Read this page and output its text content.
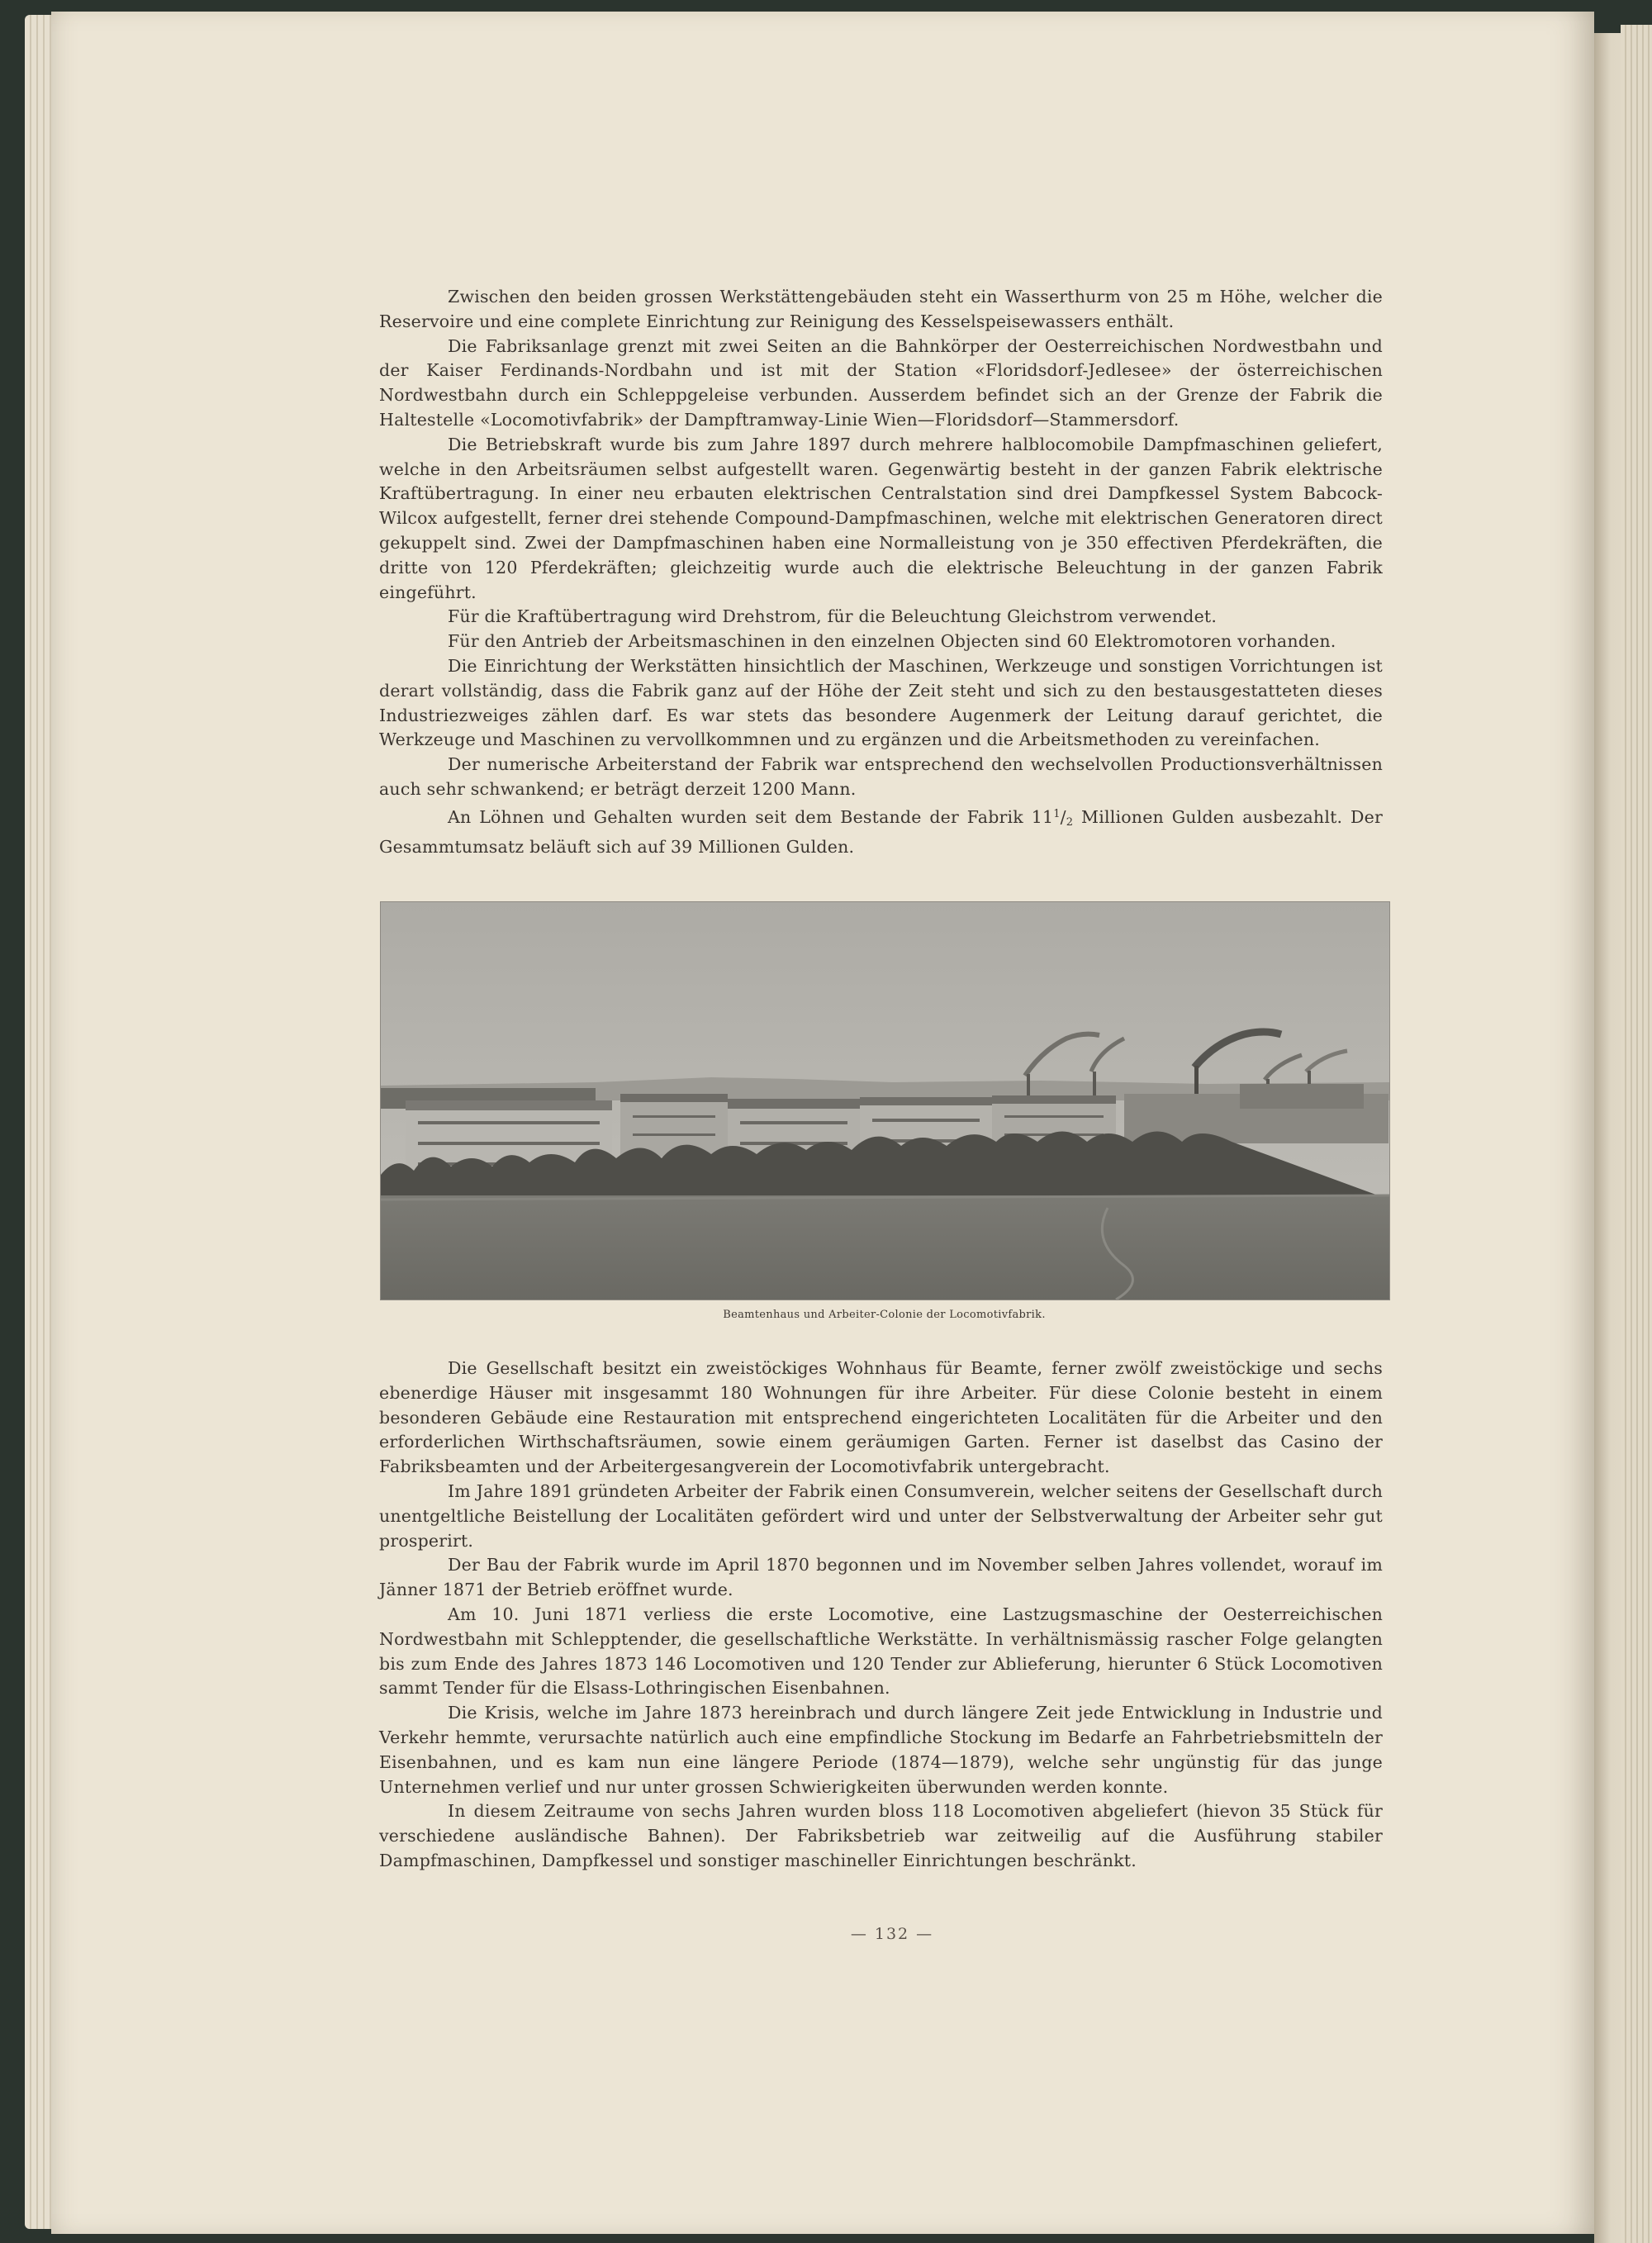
Zwischen den beiden grossen Werkstättengebäuden steht ein Wasserthurm von 25 m Höhe, welcher die Reservoire und eine complete Einrichtung zur Reinigung des Kesselspeisewassers enthält.

Die Fabriksanlage grenzt mit zwei Seiten an die Bahnkörper der Oesterreichischen Nordwestbahn und der Kaiser Ferdinands-Nordbahn und ist mit der Station «Floridsdorf-Jedlesee» der österreichischen Nordwestbahn durch ein Schleppgeleise verbunden. Ausserdem befindet sich an der Grenze der Fabrik die Haltestelle «Locomotivfabrik» der Dampftramway-Linie Wien—Floridsdorf—Stammersdorf.

Die Betriebskraft wurde bis zum Jahre 1897 durch mehrere halblocomobile Dampfmaschinen geliefert, welche in den Arbeitsräumen selbst aufgestellt waren. Gegenwärtig besteht in der ganzen Fabrik elektrische Kraftübertragung. In einer neu erbauten elektrischen Centralstation sind drei Dampfkessel System Babcock-Wilcox aufgestellt, ferner drei stehende Compound-Dampfmaschinen, welche mit elektrischen Generatoren direct gekuppelt sind. Zwei der Dampfmaschinen haben eine Normalleistung von je 350 effectiven Pferdekräften, die dritte von 120 Pferdekräften; gleichzeitig wurde auch die elektrische Beleuchtung in der ganzen Fabrik eingeführt.

Für die Kraftübertragung wird Drehstrom, für die Beleuchtung Gleichstrom verwendet.

Für den Antrieb der Arbeitsmaschinen in den einzelnen Objecten sind 60 Elektromotoren vorhanden.

Die Einrichtung der Werkstätten hinsichtlich der Maschinen, Werkzeuge und sonstigen Vorrichtungen ist derart vollständig, dass die Fabrik ganz auf der Höhe der Zeit steht und sich zu den bestausgestatteten dieses Industriezweiges zählen darf. Es war stets das besondere Augenmerk der Leitung darauf gerichtet, die Werkzeuge und Maschinen zu vervollkommnen und zu ergänzen und die Arbeitsmethoden zu vereinfachen.

Der numerische Arbeiterstand der Fabrik war entsprechend den wechselvollen Productionsverhältnissen auch sehr schwankend; er beträgt derzeit 1200 Mann.

An Löhnen und Gehalten wurden seit dem Bestande der Fabrik $11^1/2$ Millionen Gulden ausbezahlt. Der Gesammtumsatz beläuft sich auf 39 Millionen Gulden.

Beamtenhaus und Arbeiter-Colonie der Locomotivfabrik.

Die Gesellschaft besitzt ein zweistöckiges Wohnhaus für Beamte, ferner zwölf zweistöckige und sechs ebenerdige Häuser mit insgesammt 180 Wohnungen für ihre Arbeiter. Für diese Colonie besteht in einem besonderen Gebäude eine Restauration mit entsprechend eingerichteten Localitäten für die Arbeiter und den erforderlichen Wirthschaftsräumen, sowie einem geräumigen Garten. Ferner ist daselbst das Casino der Fabriksbeamten und der Arbeitergesangverein der Locomotivfabrik untergebracht.

Im Jahre 1891 gründeten Arbeiter der Fabrik einen Consumverein, welcher seitens der Gesellschaft durch unentgeltliche Beistellung der Localitäten gefördert wird und unter der Selbstverwaltung der Arbeiter sehr gut prosperirt.

Der Bau der Fabrik wurde im April 1870 begonnen und im November selben Jahres vollendet, worauf im Jänner 1871 der Betrieb eröffnet wurde.

Am 10. Juni 1871 verliess die erste Locomotive, eine Lastzugsmaschine der Oesterreichischen Nordwestbahn mit Schlepptender, die gesellschaftliche Werkstätte. In verhältnismässig rascher Folge gelangten bis zum Ende des Jahres 1873 146 Locomotiven und 120 Tender zur Ablieferung, hierunter 6 Stück Locomotiven sammt Tender für die Elsass-Lothringischen Eisenbahnen.

Die Krisis, welche im Jahre 1873 hereinbrach und durch längere Zeit jede Entwicklung in Industrie und Verkehr hemmte, verursachte natürlich auch eine empfindliche Stockung im Bedarfe an Fahrbetriebsmitteln der Eisenbahnen, und es kam nun eine längere Periode (1874—1879), welche sehr ungünstig für das junge Unternehmen verlief und nur unter grossen Schwierigkeiten überwunden werden konnte.

In diesem Zeitraume von sechs Jahren wurden bloss 118 Locomotiven abgeliefert (hievon 35 Stück für verschiedene ausländische Bahnen). Der Fabriksbetrieb war zeitweilig auf die Ausführung stabiler Dampfmaschinen, Dampfkessel und sonstiger maschineller Einrichtungen beschränkt.

— 132 —
